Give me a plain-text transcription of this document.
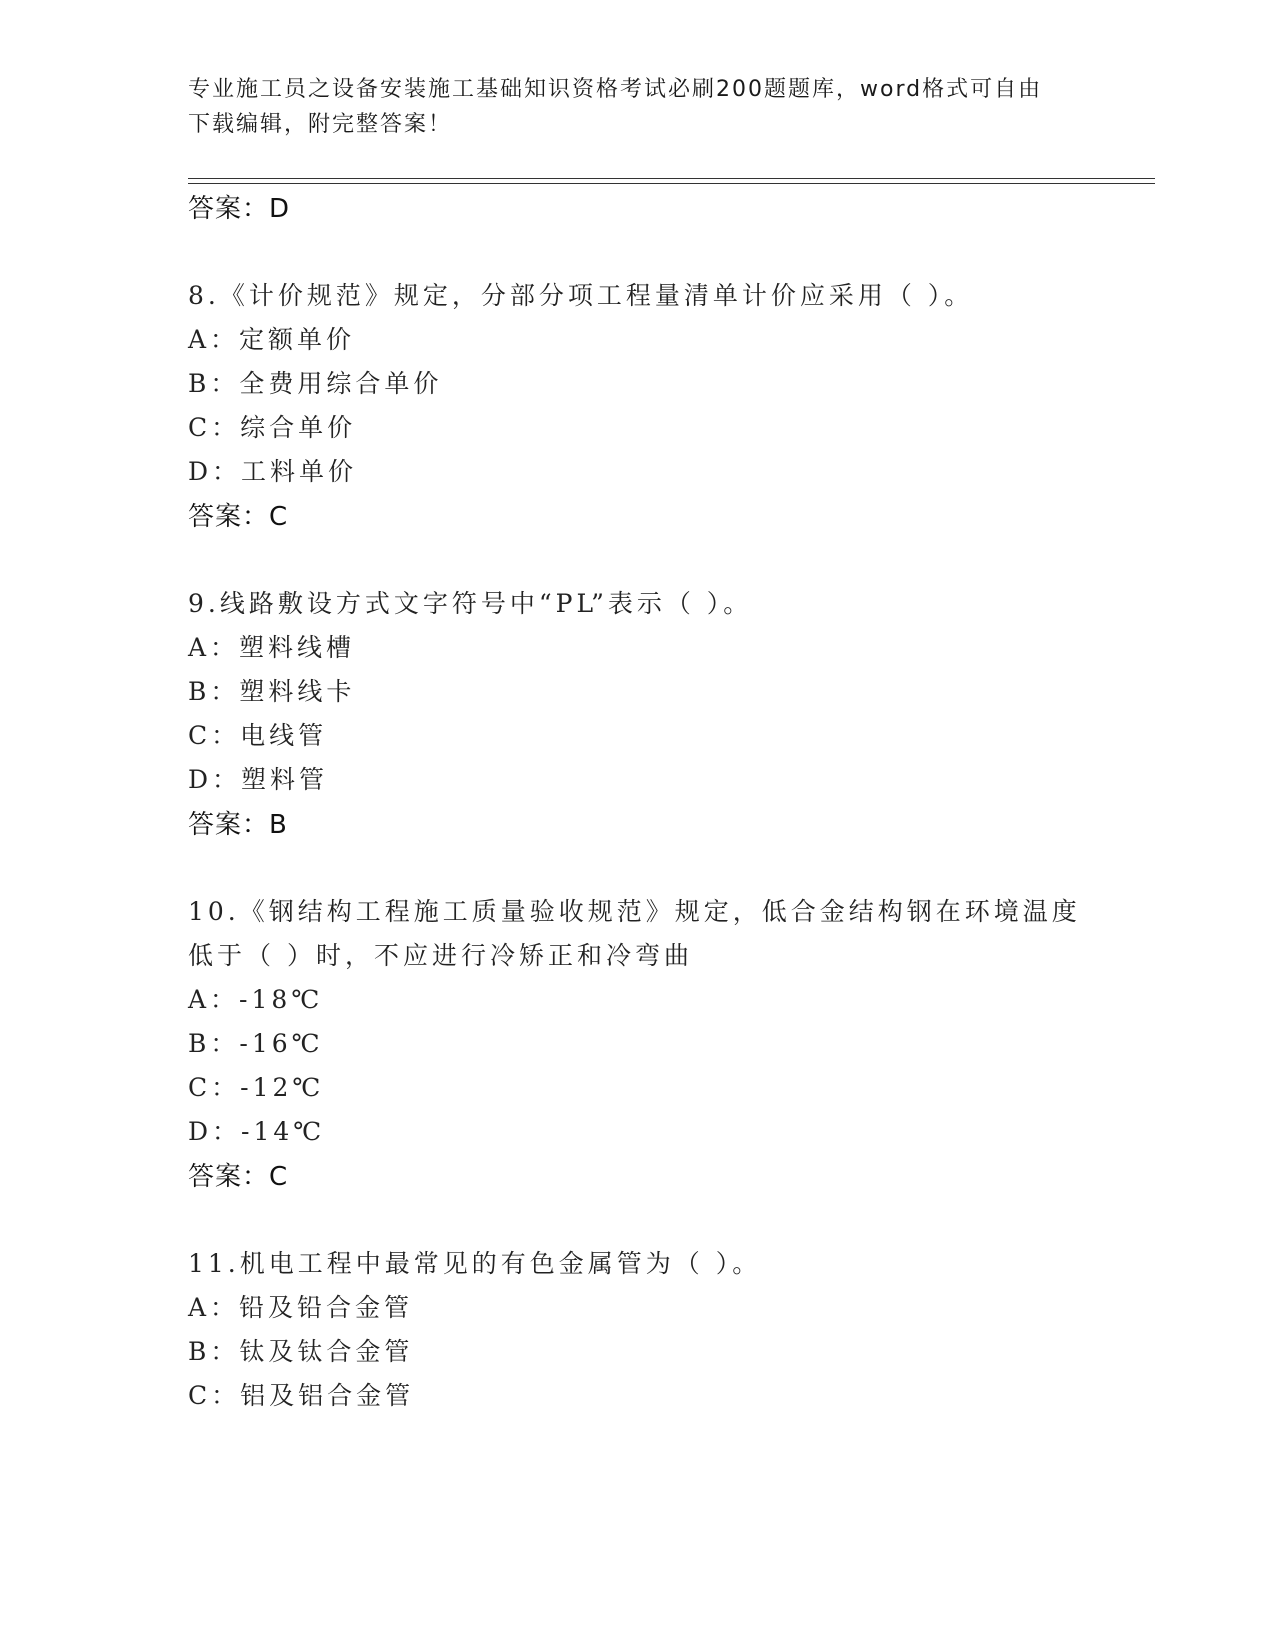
专业施工员之设备安装施工基础知识资格考试必刷200题题库，word格式可自由
下载编辑，附完整答案！
答案：D
8.《计价规范》规定，分部分项工程量清单计价应采用（ ）。
A：定额单价
B：全费用综合单价
C：综合单价
D：工料单价
答案：C
9.线路敷设方式文字符号中“PL”表示（ ）。
A：塑料线槽
B：塑料线卡
C：电线管
D：塑料管
答案：B
10.《钢结构工程施工质量验收规范》规定，低合金结构钢在环境温度
低于（ ）时，不应进行冷矫正和冷弯曲
A：-18℃
B：-16℃
C：-12℃
D：-14℃
答案：C
11.机电工程中最常见的有色金属管为（ ）。
A：铅及铅合金管
B：钛及钛合金管
C：铝及铝合金管
